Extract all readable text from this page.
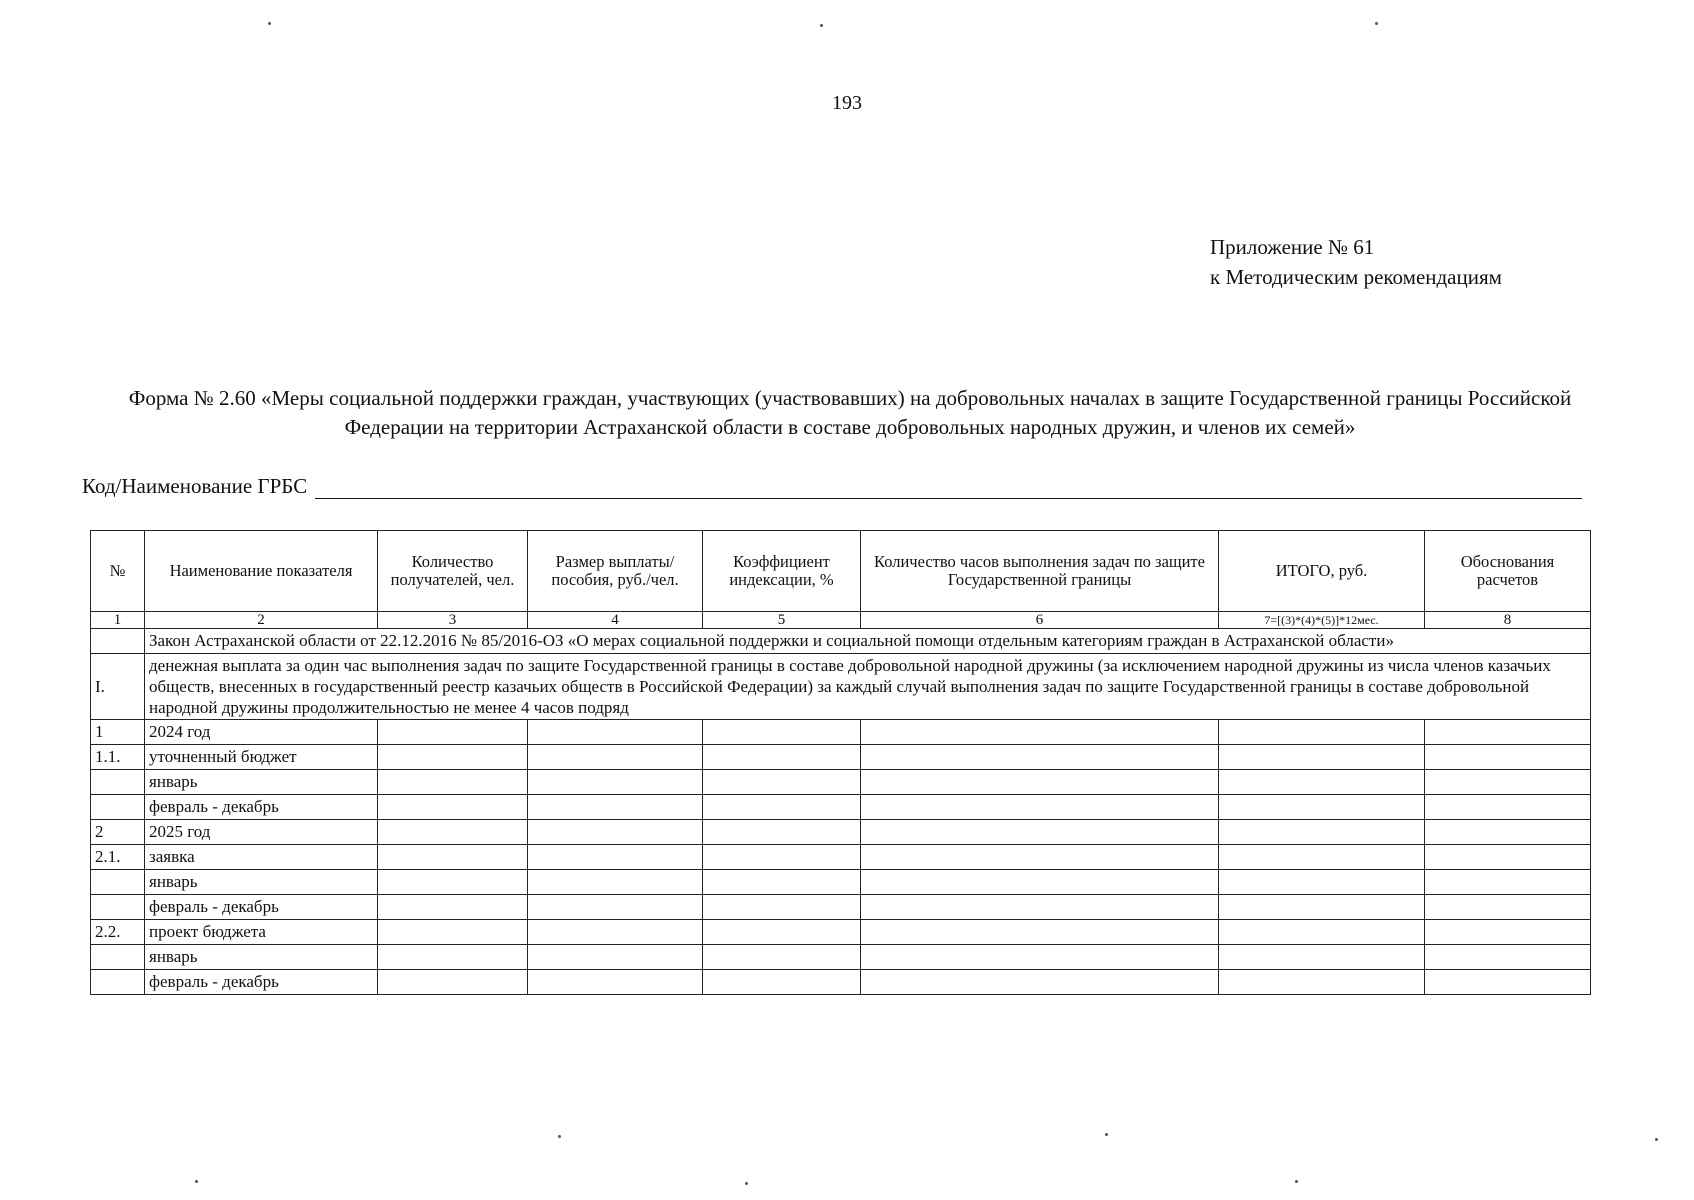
193
Приложение № 61
к Методическим рекомендациям
Форма № 2.60 «Меры социальной поддержки граждан, участвующих (участвовавших) на добровольных началах в защите Государственной границы Российской Федерации на территории Астраханской области в составе добровольных народных дружин, и членов их семей»
Код/Наименование ГРБС
№	Наименование показателя	Количество получателей, чел.	Размер выплаты/пособия, руб./чел.	Коэффициент индексации, %	Количество часов выполнения задач по защите Государственной границы	ИТОГО, руб.	Обоснования расчетов
1	2	3	4	5	6	7=[(3)*(4)*(5)]*12мес.	8
	Закон Астраханской области от 22.12.2016 № 85/2016-ОЗ «О мерах социальной поддержки и социальной помощи отдельным категориям граждан в Астраханской области»						
I.	денежная выплата за один час выполнения задач по защите Государственной границы в составе добровольной народной дружины (за исключением народной дружины из числа членов казачьих обществ, внесенных в государственный реестр казачьих обществ в Российской Федерации) за каждый случай выполнения задач по защите Государственной границы в составе добровольной народной дружины продолжительностью не менее 4 часов подряд						
1	2024 год						
1.1.	уточненный бюджет						
	январь						
	февраль - декабрь						
2	2025 год						
2.1.	заявка						
	январь						
	февраль - декабрь						
2.2.	проект бюджета						
	январь						
	февраль - декабрь						
